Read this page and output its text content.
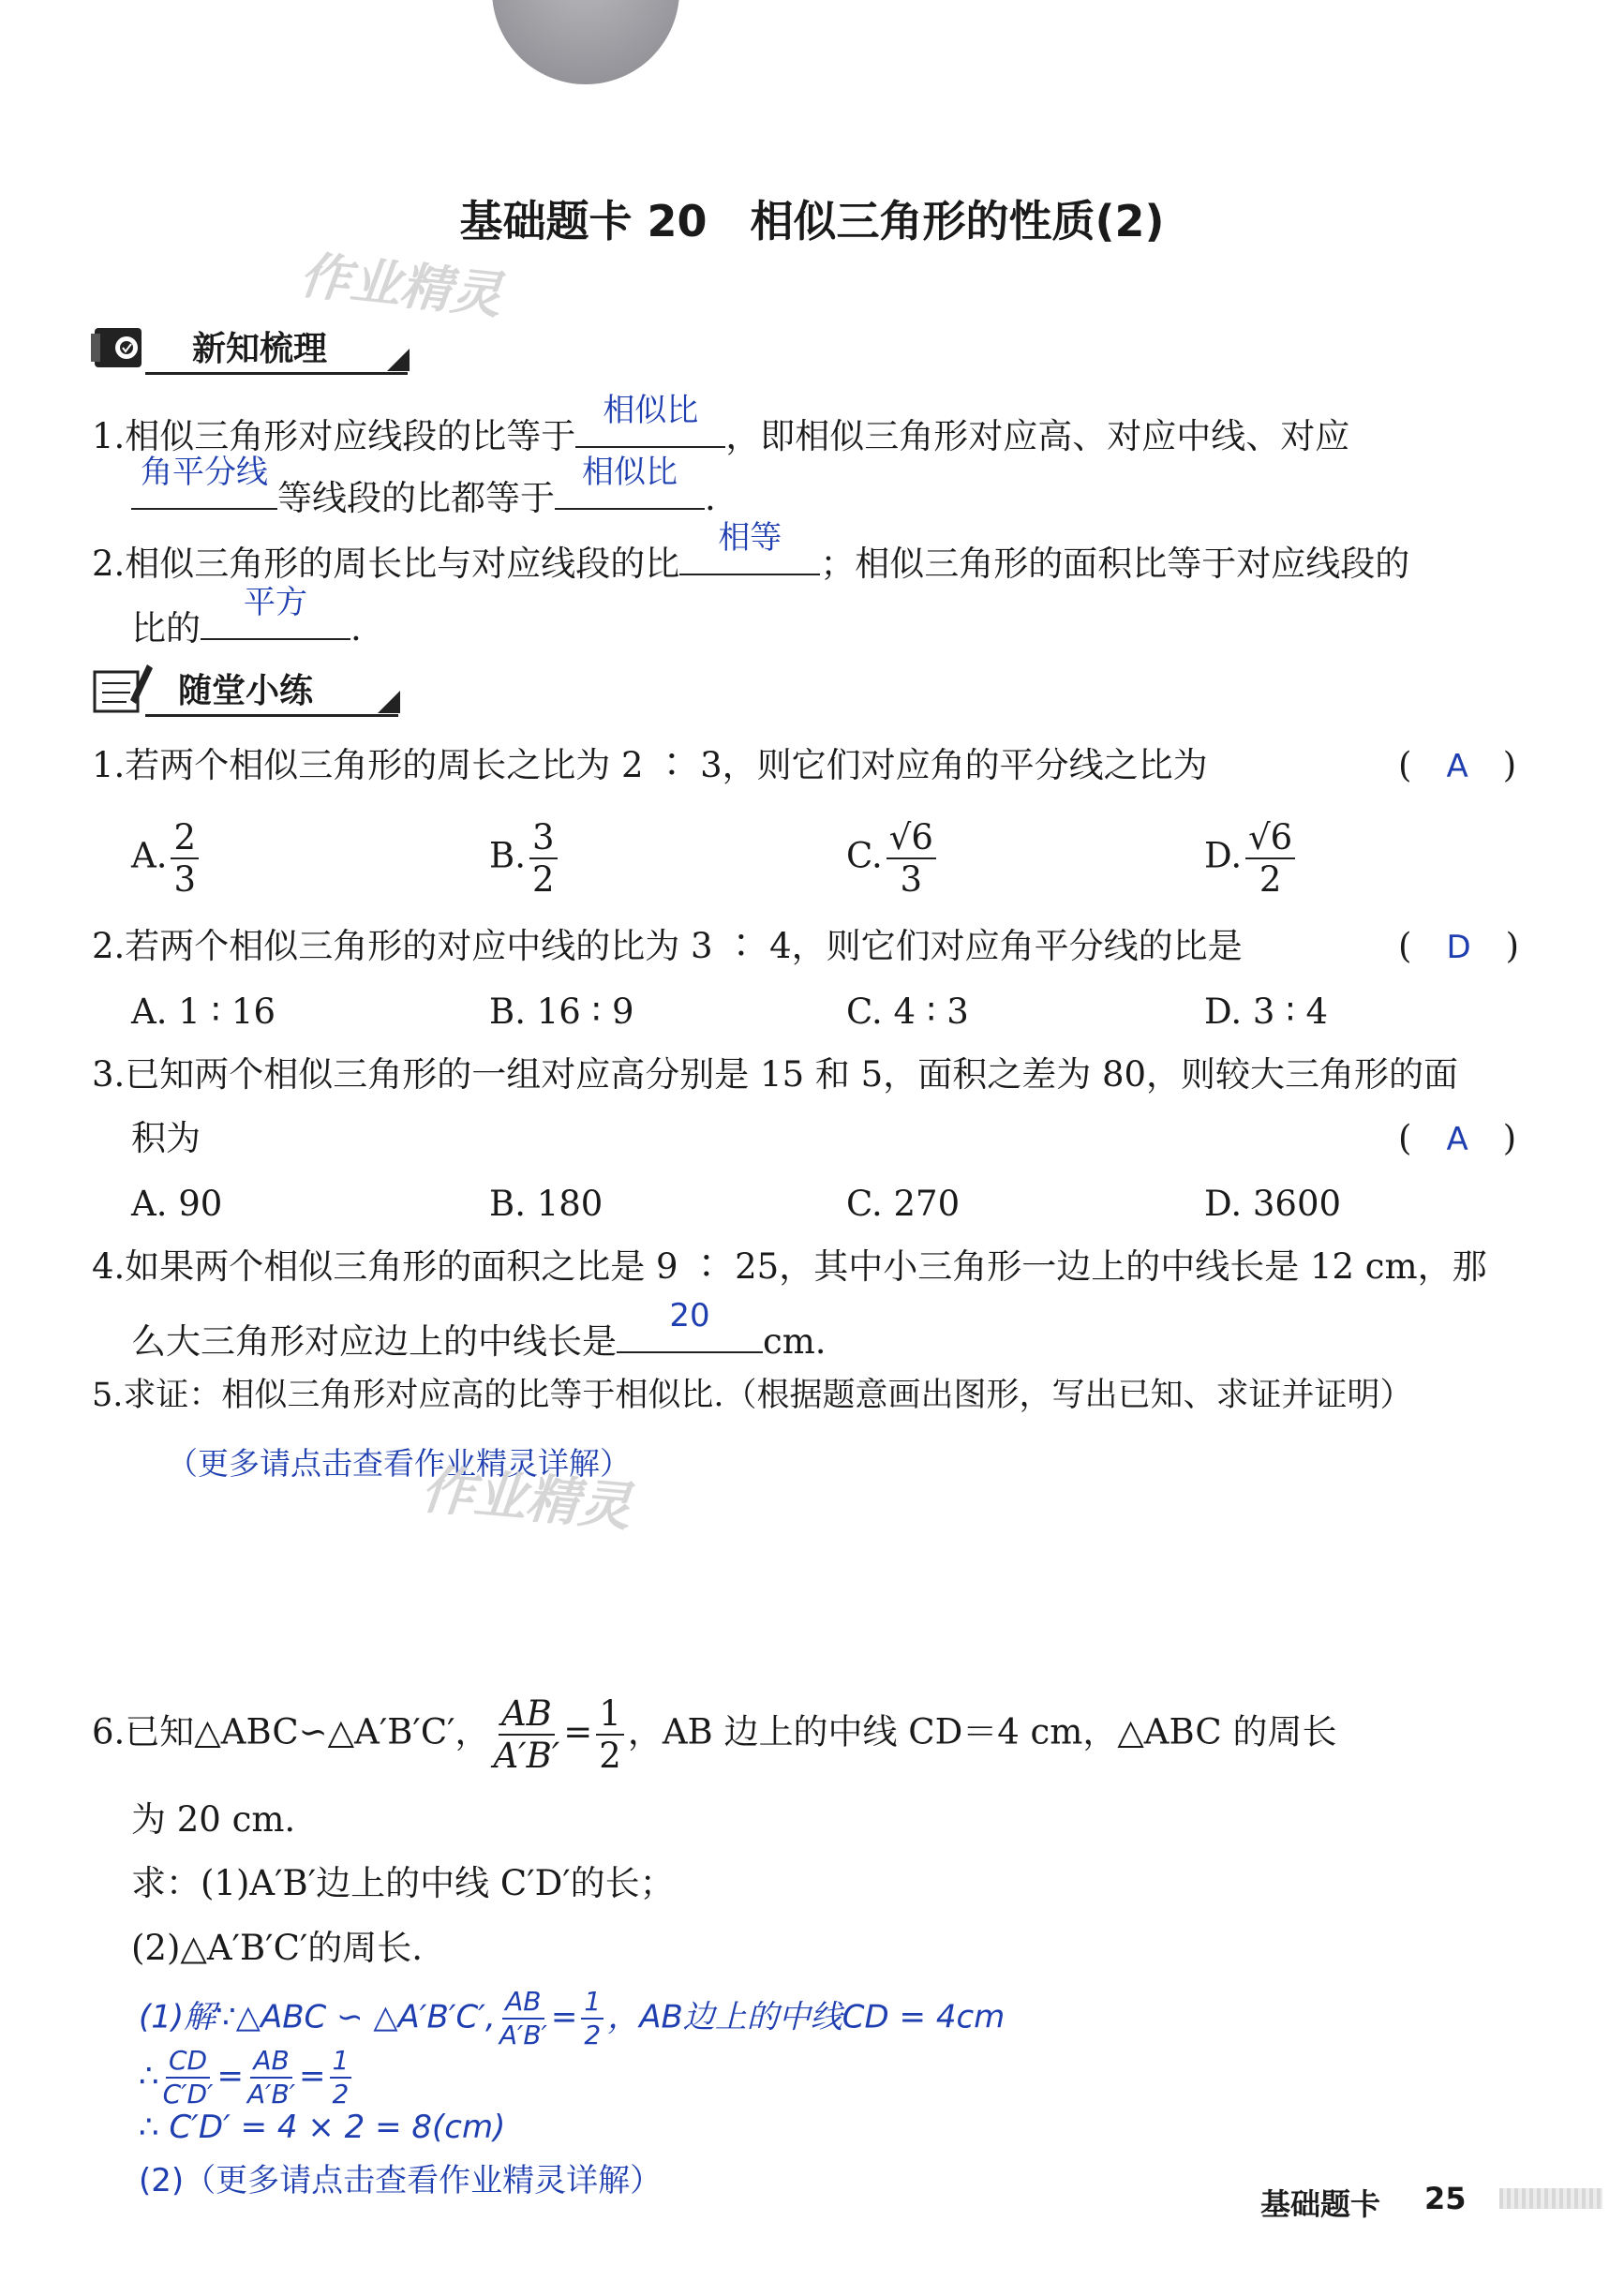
基础题卡 20　相似三角形的性质(2)
作业精灵
新知梳理
1.相似三角形对应线段的比等于
相似比
，即相似三角形对应高、对应中线、对应
角平分线
等线段的比都等于
相似比
.
2.相似三角形的周长比与对应线段的比
相等
；相似三角形的面积比等于对应线段的
比的
平方
.
随堂小练
1.若两个相似三角形的周长之比为 2 ∶ 3，则它们对应角的平分线之比为	(　A　)
A. $\frac{2}{3}$	B. $\frac{3}{2}$	C. $\frac{√6}{3}$	D. $\frac{√6}{2}$
2.若两个相似三角形的对应中线的比为 3 ∶ 4，则它们对应角平分线的比是	(　D　)
A. 1 ∶ 16	B. 16 ∶ 9	C. 4 ∶ 3	D. 3 ∶ 4
3.已知两个相似三角形的一组对应高分别是 15 和 5，面积之差为 80，则较大三角形的面
积为	(　A　)
A. 90	B. 180	C. 270	D. 3600
4.如果两个相似三角形的面积之比是 9 ∶ 25，其中小三角形一边上的中线长是 12 cm，那
么大三角形对应边上的中线长是
20
cm.
5.求证：相似三角形对应高的比等于相似比.（根据题意画出图形，写出已知、求证并证明）
（更多请点击查看作业精灵详解）
作业精灵
6.已知△ABC∽△A′B′C′， $\frac{AB}{A'B'} = \frac{1}{2}$ ，AB 边上的中线 CD＝4 cm，△ABC 的周长
为 20 cm.
求：(1)A′B′边上的中线 C′D′的长；
(2)△A′B′C′的周长.
(1)解∵△ABC ∽ △A′B′C′, $\frac{AB}{A'B'} = \frac{1}{2}$ ，AB边上的中线CD = 4cm
∴ $\frac{CD}{C'D'} = \frac{AB}{A'B'} = \frac{1}{2}$
∴ C′D′ = 4 × 2 = 8(cm)
(2)（更多请点击查看作业精灵详解）
基础题卡 25
